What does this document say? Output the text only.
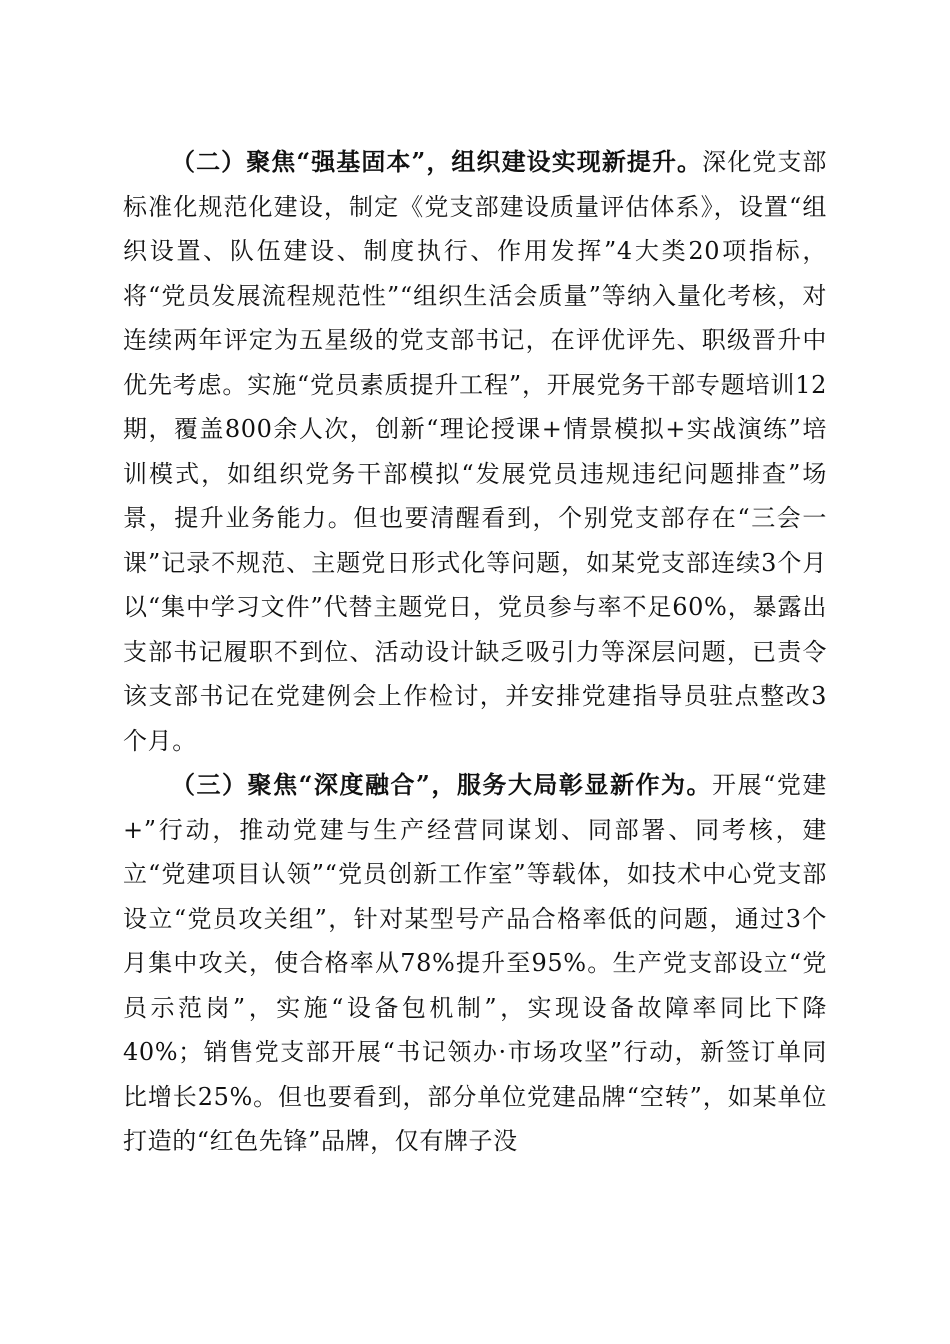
（二）聚焦“强基固本”，组织建设实现新提升。深化党支部标准化规范化建设，制定《党支部建设质量评估体系》，设置“组织设置、队伍建设、制度执行、作用发挥”4大类20项指标，将“党员发展流程规范性”“组织生活会质量”等纳入量化考核，对连续两年评定为五星级的党支部书记，在评优评先、职级晋升中优先考虑。实施“党员素质提升工程”，开展党务干部专题培训12期，覆盖800余人次，创新“理论授课+情景模拟+实战演练”培训模式，如组织党务干部模拟“发展党员违规违纪问题排查”场景，提升业务能力。但也要清醒看到，个别党支部存在“三会一课”记录不规范、主题党日形式化等问题，如某党支部连续3个月以“集中学习文件”代替主题党日，党员参与率不足60%，暴露出支部书记履职不到位、活动设计缺乏吸引力等深层问题，已责令该支部书记在党建例会上作检讨，并安排党建指导员驻点整改3个月。

（三）聚焦“深度融合”，服务大局彰显新作为。开展“党建+”行动，推动党建与生产经营同谋划、同部署、同考核，建立“党建项目认领”“党员创新工作室”等载体，如技术中心党支部设立“党员攻关组”，针对某型号产品合格率低的问题，通过3个月集中攻关，使合格率从78%提升至95%。生产党支部设立“党员示范岗”，实施“设备包机制”，实现设备故障率同比下降40%；销售党支部开展“书记领办·市场攻坚”行动，新签订单同比增长25%。但也要看到，部分单位党建品牌“空转”，如某单位打造的“红色先锋”品牌，仅有牌子没
